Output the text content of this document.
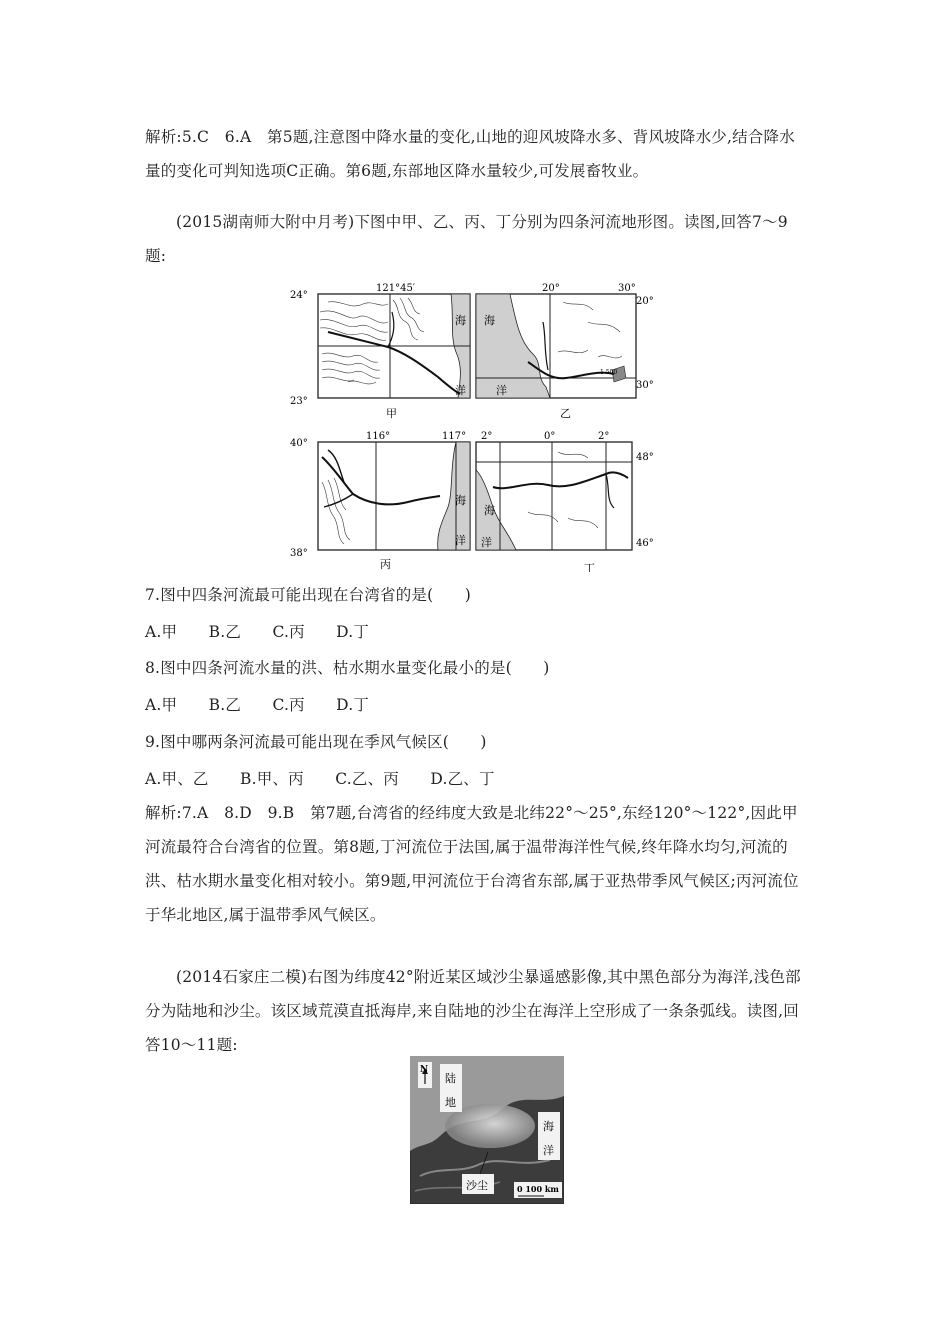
解析:5.C　6.A　第5题,注意图中降水量的变化,山地的迎风坡降水多、背风坡降水少,结合降水量的变化可判知选项C正确。第6题,东部地区降水量较少,可发展畜牧业。
(2015湖南师大附中月考)下图中甲、乙、丙、丁分别为四条河流地形图。读图,回答7～9题:
24°
23°
121°45′
海
洋
甲
20°
30°
20°	30°
海
洋
1 500
乙
40°
38°
116°	117°
海
洋
丙
2°	0°	2°
48°
46°
海
洋
丁
7.图中四条河流最可能出现在台湾省的是(　　)
A.甲　　B.乙　　C.丙　　D.丁
8.图中四条河流水量的洪、枯水期水量变化最小的是(　　)
A.甲　　B.乙　　C.丙　　D.丁
9.图中哪两条河流最可能出现在季风气候区(　　)
A.甲、乙　　B.甲、丙　　C.乙、丙　　D.乙、丁
解析:7.A　8.D　9.B　第7题,台湾省的经纬度大致是北纬22°～25°,东经120°～122°,因此甲河流最符合台湾省的位置。第8题,丁河流位于法国,属于温带海洋性气候,终年降水均匀,河流的洪、枯水期水量变化相对较小。第9题,甲河流位于台湾省东部,属于亚热带季风气候区;丙河流位于华北地区,属于温带季风气候区。
(2014石家庄二模)右图为纬度42°附近某区域沙尘暴遥感影像,其中黑色部分为海洋,浅色部分为陆地和沙尘。该区域荒漠直抵海岸,来自陆地的沙尘在海洋上空形成了一条条弧线。读图,回答10～11题:
N
陆
地
海
洋
沙尘	0 100 km
